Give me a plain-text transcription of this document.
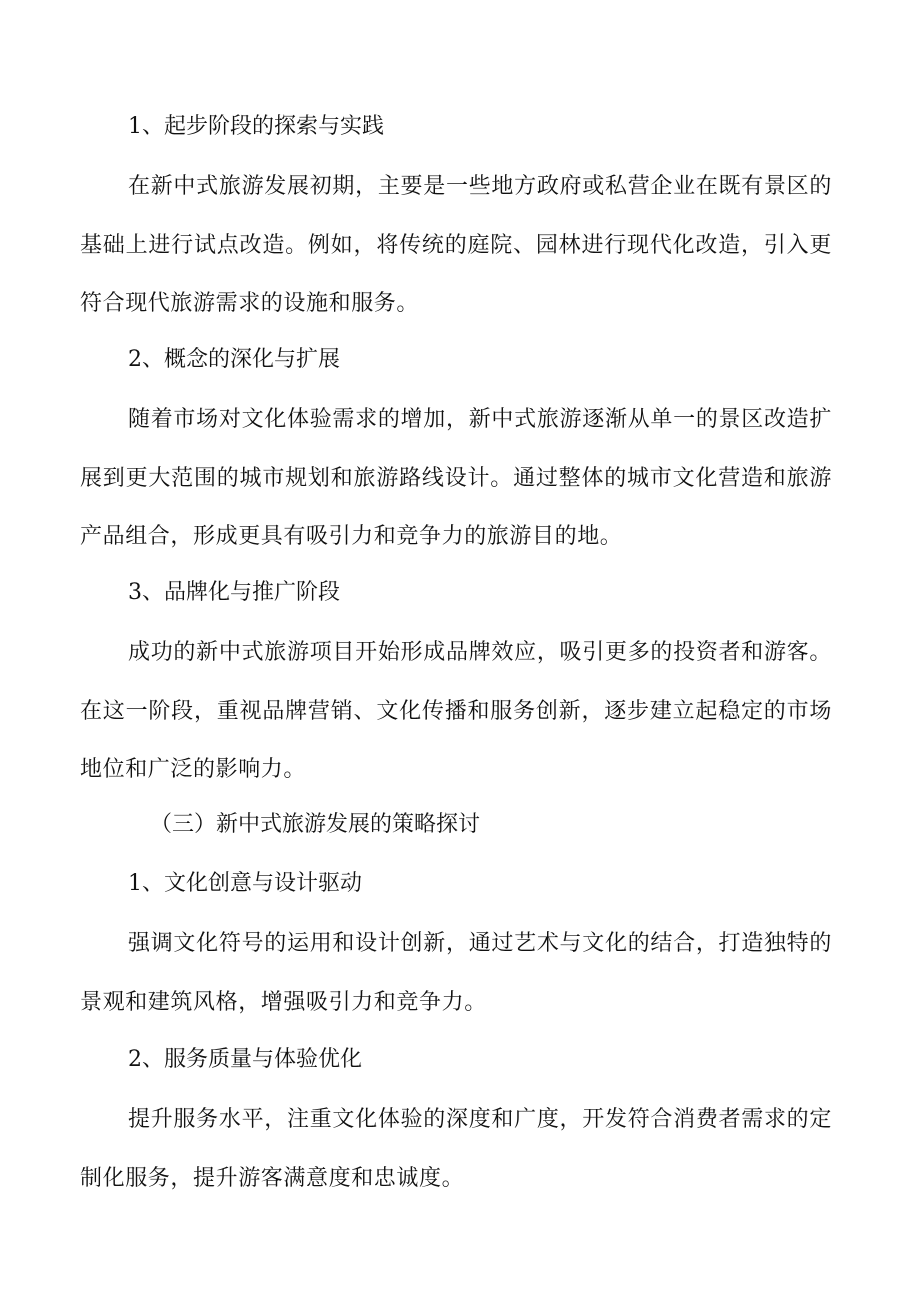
1、起步阶段的探索与实践
在新中式旅游发展初期，主要是一些地方政府或私营企业在既有景区的基础上进行试点改造。例如，将传统的庭院、园林进行现代化改造，引入更符合现代旅游需求的设施和服务。
2、概念的深化与扩展
随着市场对文化体验需求的增加，新中式旅游逐渐从单一的景区改造扩展到更大范围的城市规划和旅游路线设计。通过整体的城市文化营造和旅游产品组合，形成更具有吸引力和竞争力的旅游目的地。
3、品牌化与推广阶段
成功的新中式旅游项目开始形成品牌效应，吸引更多的投资者和游客。在这一阶段，重视品牌营销、文化传播和服务创新，逐步建立起稳定的市场地位和广泛的影响力。
（三）新中式旅游发展的策略探讨
1、文化创意与设计驱动
强调文化符号的运用和设计创新，通过艺术与文化的结合，打造独特的景观和建筑风格，增强吸引力和竞争力。
2、服务质量与体验优化
提升服务水平，注重文化体验的深度和广度，开发符合消费者需求的定制化服务，提升游客满意度和忠诚度。
